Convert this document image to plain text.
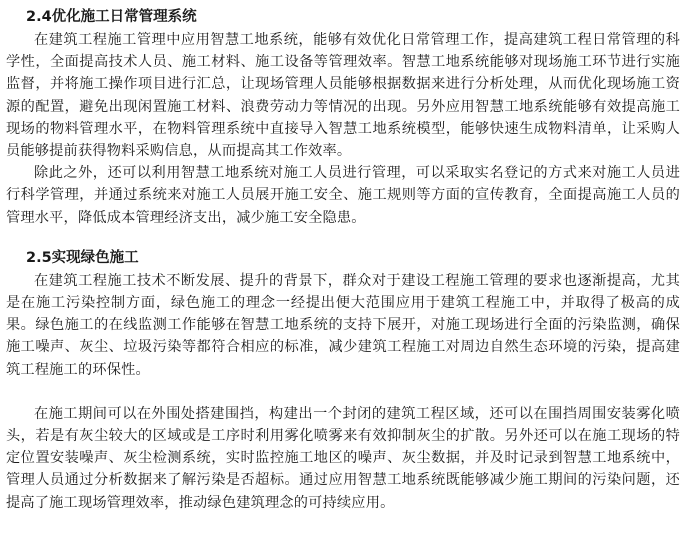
2.4优化施工日常管理系统

在建筑工程施工管理中应用智慧工地系统，能够有效优化日常管理工作，提高建筑工程日常管理的科学性，全面提高技术人员、施工材料、施工设备等管理效率。智慧工地系统能够对现场施工环节进行实施监督，并将施工操作项目进行汇总，让现场管理人员能够根据数据来进行分析处理，从而优化现场施工资源的配置，避免出现闲置施工材料、浪费劳动力等情况的出现。另外应用智慧工地系统能够有效提高施工现场的物料管理水平，在物料管理系统中直接导入智慧工地系统模型，能够快速生成物料清单，让采购人员能够提前获得物料采购信息，从而提高其工作效率。

除此之外，还可以利用智慧工地系统对施工人员进行管理，可以采取实名登记的方式来对施工人员进行科学管理，并通过系统来对施工人员展开施工安全、施工规则等方面的宣传教育，全面提高施工人员的管理水平，降低成本管理经济支出，减少施工安全隐患。

2.5实现绿色施工

在建筑工程施工技术不断发展、提升的背景下，群众对于建设工程施工管理的要求也逐渐提高，尤其是在施工污染控制方面，绿色施工的理念一经提出便大范围应用于建筑工程施工中，并取得了极高的成果。绿色施工的在线监测工作能够在智慧工地系统的支持下展开，对施工现场进行全面的污染监测，确保施工噪声、灰尘、垃圾污染等都符合相应的标准，减少建筑工程施工对周边自然生态环境的污染，提高建筑工程施工的环保性。

在施工期间可以在外围处搭建围挡，构建出一个封闭的建筑工程区域，还可以在围挡周围安装雾化喷头，若是有灰尘较大的区域或是工序时利用雾化喷雾来有效抑制灰尘的扩散。另外还可以在施工现场的特定位置安装噪声、灰尘检测系统，实时监控施工地区的噪声、灰尘数据，并及时记录到智慧工地系统中，管理人员通过分析数据来了解污染是否超标。通过应用智慧工地系统既能够减少施工期间的污染问题，还提高了施工现场管理效率，推动绿色建筑理念的可持续应用。
